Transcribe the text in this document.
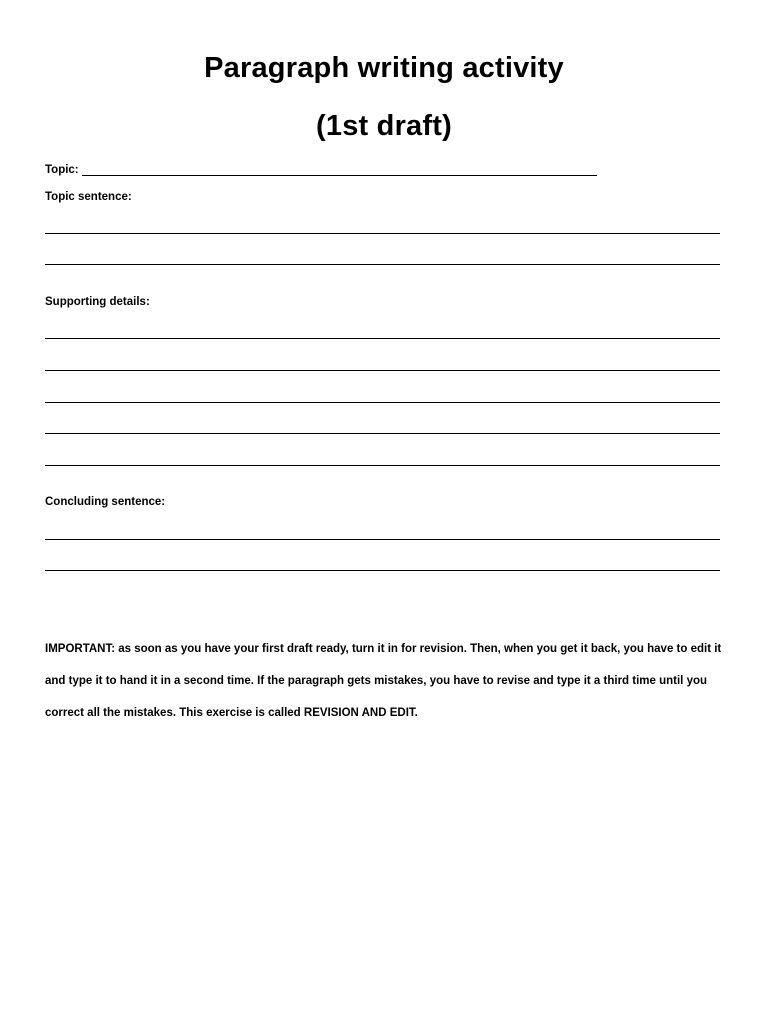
Paragraph writing activity
(1st draft)
Topic:
Topic sentence:
Supporting details:
Concluding sentence:

IMPORTANT: as soon as you have your first draft ready, turn it in for revision. Then, when you get it back, you have to edit it and type it to hand it in a second time. If the paragraph gets mistakes, you have to revise and type it a third time until you correct all the mistakes. This exercise is called REVISION AND EDIT.
